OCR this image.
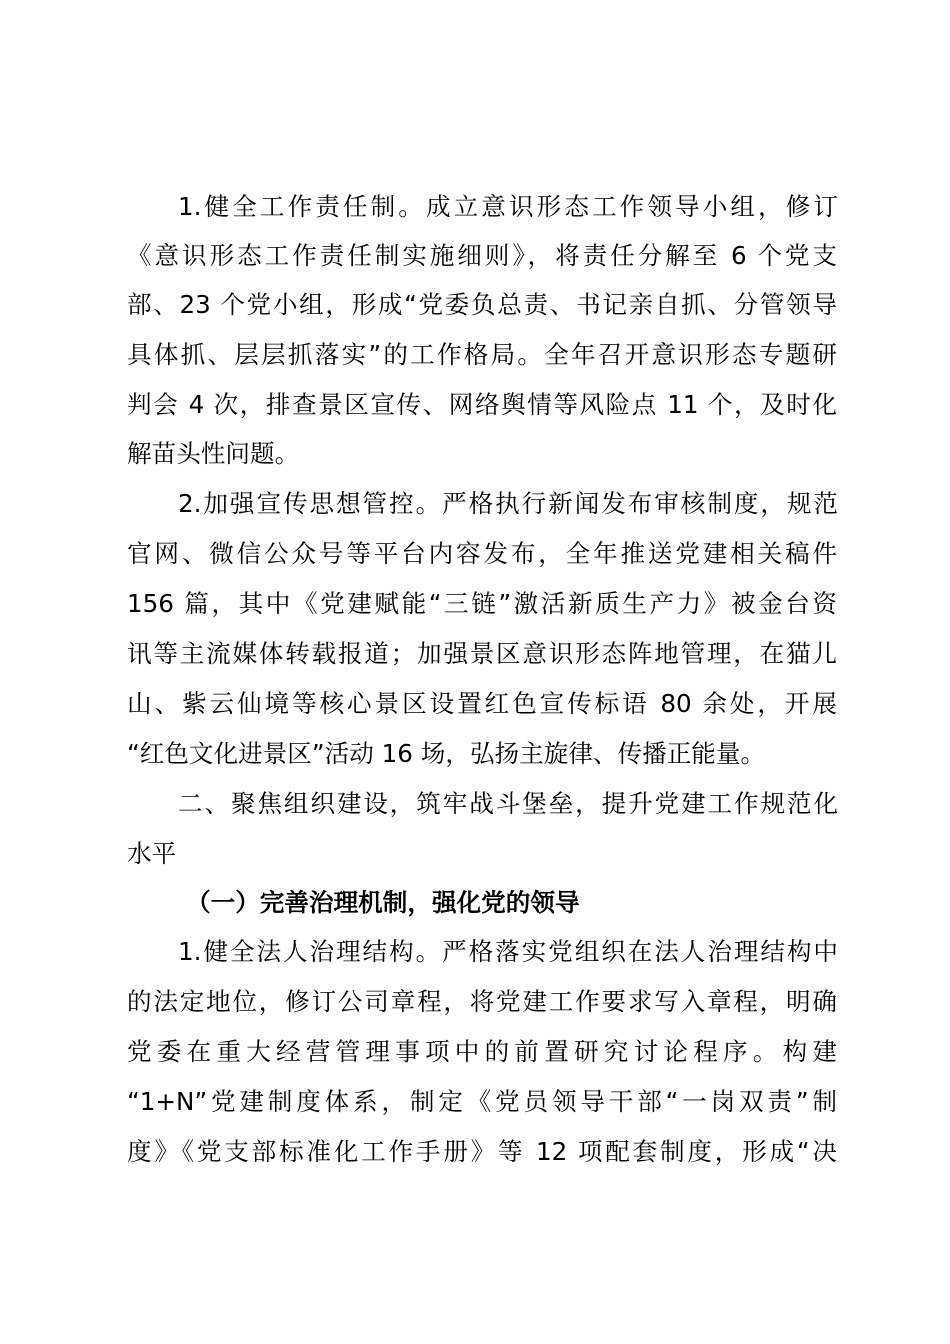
1.健全工作责任制。成立意识形态工作领导小组，修订
《意识形态工作责任制实施细则》，将责任分解至 6 个党支
部、23 个党小组，形成“党委负总责、书记亲自抓、分管领导
具体抓、层层抓落实”的工作格局。全年召开意识形态专题研
判会 4 次，排查景区宣传、网络舆情等风险点 11 个，及时化
解苗头性问题。
2.加强宣传思想管控。严格执行新闻发布审核制度，规范
官网、微信公众号等平台内容发布，全年推送党建相关稿件
156 篇，其中《党建赋能“三链”激活新质生产力》被金台资
讯等主流媒体转载报道；加强景区意识形态阵地管理，在猫儿
山、紫云仙境等核心景区设置红色宣传标语 80 余处，开展
“红色文化进景区”活动 16 场，弘扬主旋律、传播正能量。
二、聚焦组织建设，筑牢战斗堡垒，提升党建工作规范化
水平
（一）完善治理机制，强化党的领导
1.健全法人治理结构。严格落实党组织在法人治理结构中
的法定地位，修订公司章程，将党建工作要求写入章程，明确
党委在重大经营管理事项中的前置研究讨论程序。构建
“1+N”党建制度体系，制定《党员领导干部“一岗双责”制
度》《党支部标准化工作手册》等 12 项配套制度，形成“决
